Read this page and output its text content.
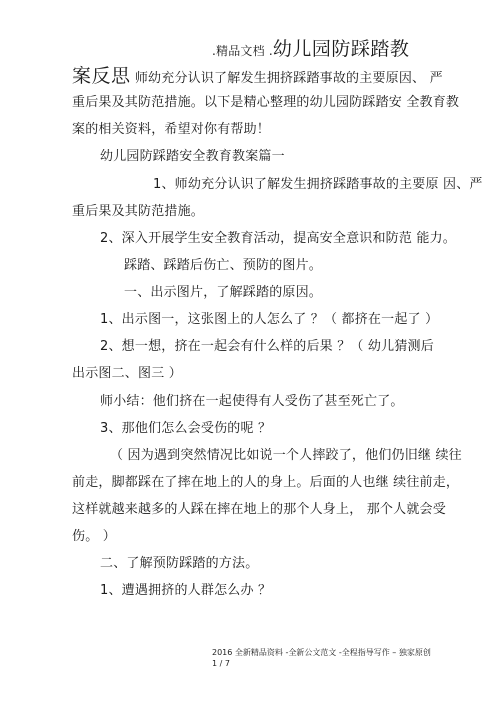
.精品文档 .幼儿园防踩踏教
案反思 师幼充分认识了解发生拥挤踩踏事故的主要原因、 严
重后果及其防范措施。以下是精心整理的幼儿园防踩踏安 全教育教
案的相关资料，希望对你有帮助！
幼儿园防踩踏安全教育教案篇一
1、师幼充分认识了解发生拥挤踩踏事故的主要原 因、严
重后果及其防范措施。
2、深入开展学生安全教育活动，提高安全意识和防范 能力。
踩踏、踩踏后伤亡、预防的图片。
一、出示图片，了解踩踏的原因。
1、出示图一，这张图上的人怎么了 ？（ 都挤在一起了 ）
2、想一想，挤在一起会有什么样的后果 ？（ 幼儿猜测后
出示图二、图三 ）
师小结：他们挤在一起使得有人受伤了甚至死亡了。
3、那他们怎么会受伤的呢 ？
（ 因为遇到突然情况比如说一个人摔跤了，他们仍旧继 续往
前走，脚都踩在了摔在地上的人的身上。后面的人也继 续往前走，
这样就越来越多的人踩在摔在地上的那个人身上， 那个人就会受
伤。 ）
二、了解预防踩踏的方法。
1、遭遇拥挤的人群怎么办 ？
2016 全新精品资料 -全新公文范文 -全程指导写作 – 独家原创
1 / 7
